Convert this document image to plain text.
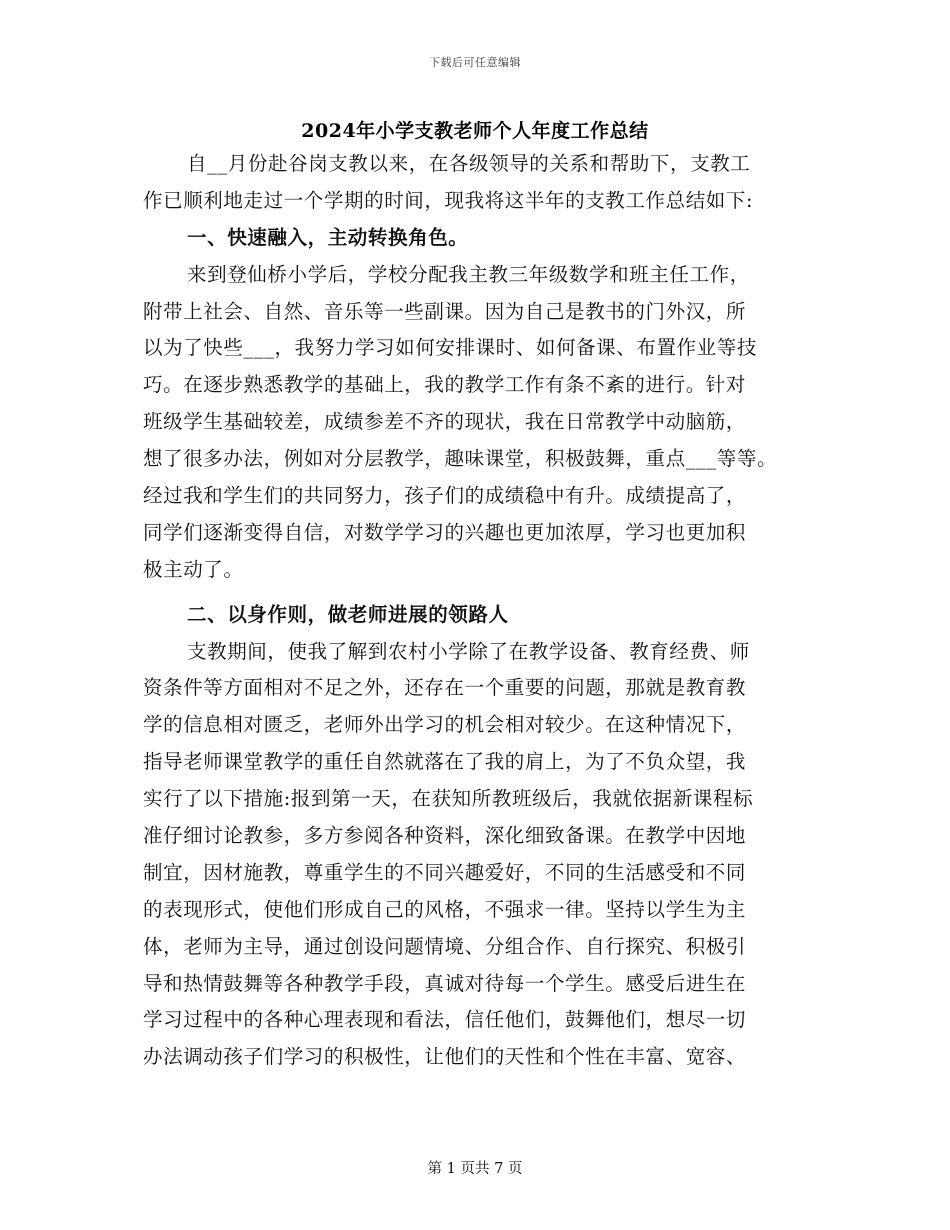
下载后可任意编辑
2024年小学支教老师个人年度工作总结
自__月份赴谷岗支教以来，在各级领导的关系和帮助下，支教工
作已顺利地走过一个学期的时间，现我将这半年的支教工作总结如下:
一、快速融入，主动转换角色。
来到登仙桥小学后，学校分配我主教三年级数学和班主任工作，
附带上社会、自然、音乐等一些副课。因为自己是教书的门外汉，所
以为了快些___，我努力学习如何安排课时、如何备课、布置作业等技
巧。在逐步熟悉教学的基础上，我的教学工作有条不紊的进行。针对
班级学生基础较差，成绩参差不齐的现状，我在日常教学中动脑筋，
想了很多办法，例如对分层教学，趣味课堂，积极鼓舞，重点___等等。
经过我和学生们的共同努力，孩子们的成绩稳中有升。成绩提高了，
同学们逐渐变得自信，对数学学习的兴趣也更加浓厚，学习也更加积
极主动了。
二、以身作则，做老师进展的领路人
支教期间，使我了解到农村小学除了在教学设备、教育经费、师
资条件等方面相对不足之外，还存在一个重要的问题，那就是教育教
学的信息相对匮乏，老师外出学习的机会相对较少。在这种情况下，
指导老师课堂教学的重任自然就落在了我的肩上，为了不负众望，我
实行了以下措施:报到第一天，在获知所教班级后，我就依据新课程标
准仔细讨论教参，多方参阅各种资料，深化细致备课。在教学中因地
制宜，因材施教，尊重学生的不同兴趣爱好，不同的生活感受和不同
的表现形式，使他们形成自己的风格，不强求一律。坚持以学生为主
体，老师为主导，通过创设问题情境、分组合作、自行探究、积极引
导和热情鼓舞等各种教学手段，真诚对待每一个学生。感受后进生在
学习过程中的各种心理表现和看法，信任他们，鼓舞他们，想尽一切
办法调动孩子们学习的积极性，让他们的天性和个性在丰富、宽容、
第 1 页共 7 页
